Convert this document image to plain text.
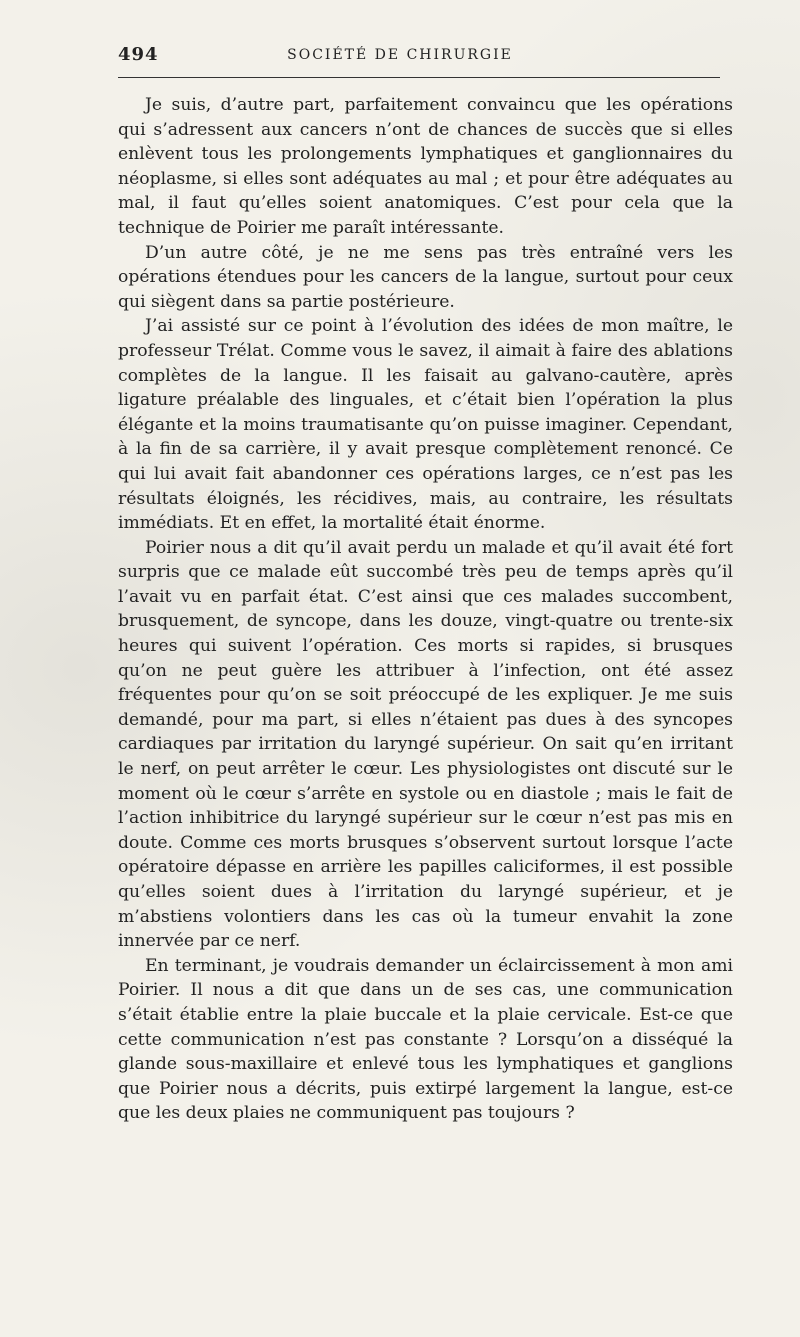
494	SOCIÉTÉ DE CHIRURGIE

Je suis, d’autre part, parfaitement convaincu que les opérations qui s’adressent aux cancers n’ont de chances de succès que si elles enlèvent tous les prolongements lymphatiques et ganglionnaires du néoplasme, si elles sont adéquates au mal ; et pour être adéquates au mal, il faut qu’elles soient anatomiques. C’est pour cela que la technique de Poirier me paraît intéressante.

D’un autre côté, je ne me sens pas très entraîné vers les opérations étendues pour les cancers de la langue, surtout pour ceux qui siègent dans sa partie postérieure.

J’ai assisté sur ce point à l’évolution des idées de mon maître, le professeur Trélat. Comme vous le savez, il aimait à faire des ablations complètes de la langue. Il les faisait au galvano-cautère, après ligature préalable des linguales, et c’était bien l’opération la plus élégante et la moins traumatisante qu’on puisse imaginer. Cependant, à la fin de sa carrière, il y avait presque complètement renoncé. Ce qui lui avait fait abandonner ces opérations larges, ce n’est pas les résultats éloignés, les récidives, mais, au contraire, les résultats immédiats. Et en effet, la mortalité était énorme.

Poirier nous a dit qu’il avait perdu un malade et qu’il avait été fort surpris que ce malade eût succombé très peu de temps après qu’il l’avait vu en parfait état. C’est ainsi que ces malades succombent, brusquement, de syncope, dans les douze, vingt-quatre ou trente-six heures qui suivent l’opération. Ces morts si rapides, si brusques qu’on ne peut guère les attribuer à l’infection, ont été assez fréquentes pour qu’on se soit préoccupé de les expliquer. Je me suis demandé, pour ma part, si elles n’étaient pas dues à des syncopes cardiaques par irritation du laryngé supérieur. On sait qu’en irritant le nerf, on peut arrêter le cœur. Les physiologistes ont discuté sur le moment où le cœur s’arrête en systole ou en diastole ; mais le fait de l’action inhibitrice du laryngé supérieur sur le cœur n’est pas mis en doute. Comme ces morts brusques s’observent surtout lorsque l’acte opératoire dépasse en arrière les papilles caliciformes, il est possible qu’elles soient dues à l’irritation du laryngé supérieur, et je m’abstiens volontiers dans les cas où la tumeur envahit la zone innervée par ce nerf.

En terminant, je voudrais demander un éclaircissement à mon ami Poirier. Il nous a dit que dans un de ses cas, une communication s’était établie entre la plaie buccale et la plaie cervicale. Est-ce que cette communication n’est pas constante ? Lorsqu’on a disséqué la glande sous-maxillaire et enlevé tous les lymphatiques et ganglions que Poirier nous a décrits, puis extirpé largement la langue, est-ce que les deux plaies ne communiquent pas toujours ?
